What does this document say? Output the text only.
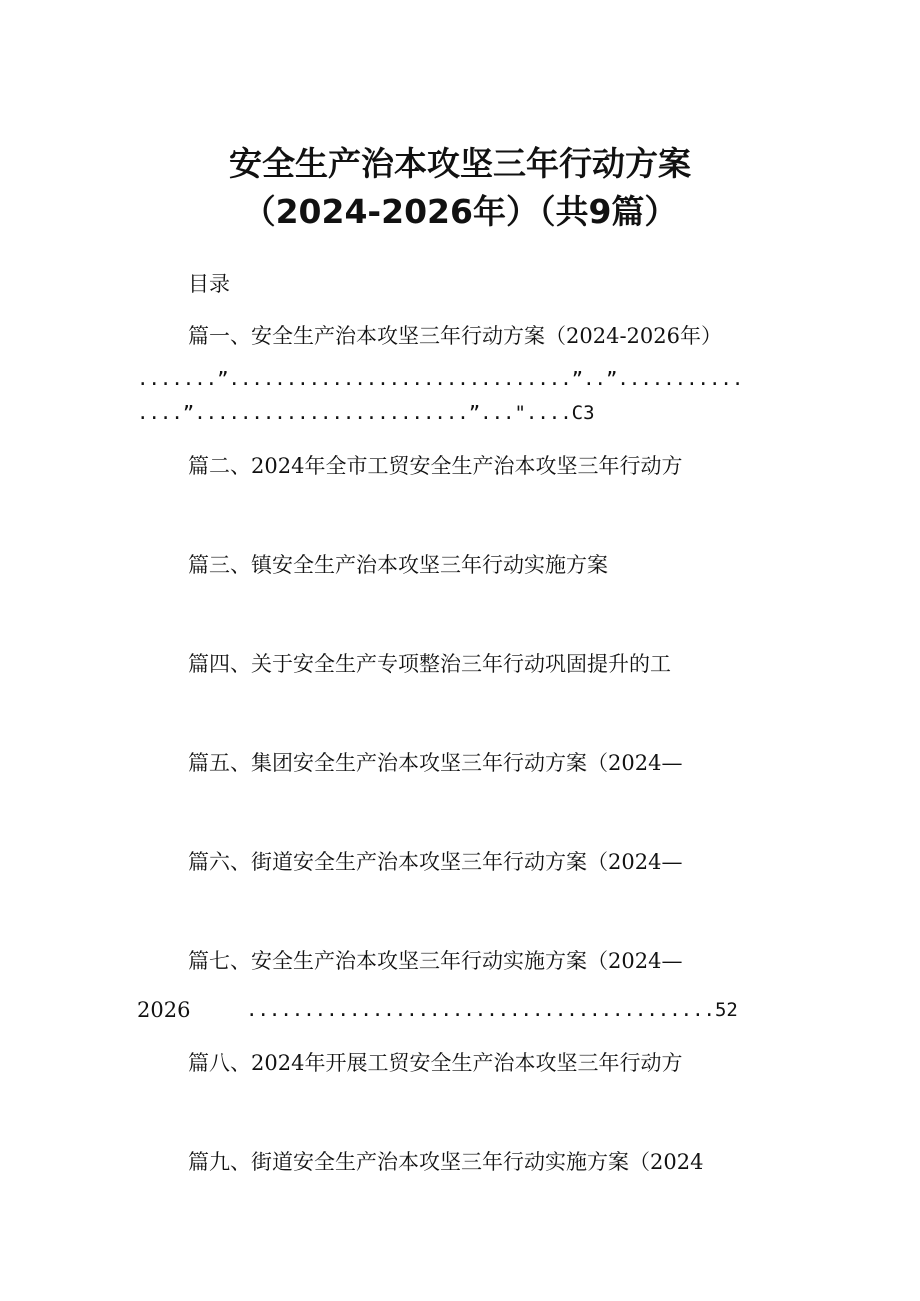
安全生产治本攻坚三年行动方案
（2024-2026年）（共9篇）
目录
篇一、安全生产治本攻坚三年行动方案（2024-2026年）
.......”..............................”..”...........
....”........................”..."....C3
篇二、2024年全市工贸安全生产治本攻坚三年行动方
篇三、镇安全生产治本攻坚三年行动实施方案
篇四、关于安全生产专项整治三年行动巩固提升的工
篇五、集团安全生产治本攻坚三年行动方案（2024—
篇六、街道安全生产治本攻坚三年行动方案（2024—
篇七、安全生产治本攻坚三年行动实施方案（2024—
2026	.........................................52
篇八、2024年开展工贸安全生产治本攻坚三年行动方
篇九、街道安全生产治本攻坚三年行动实施方案（2024
